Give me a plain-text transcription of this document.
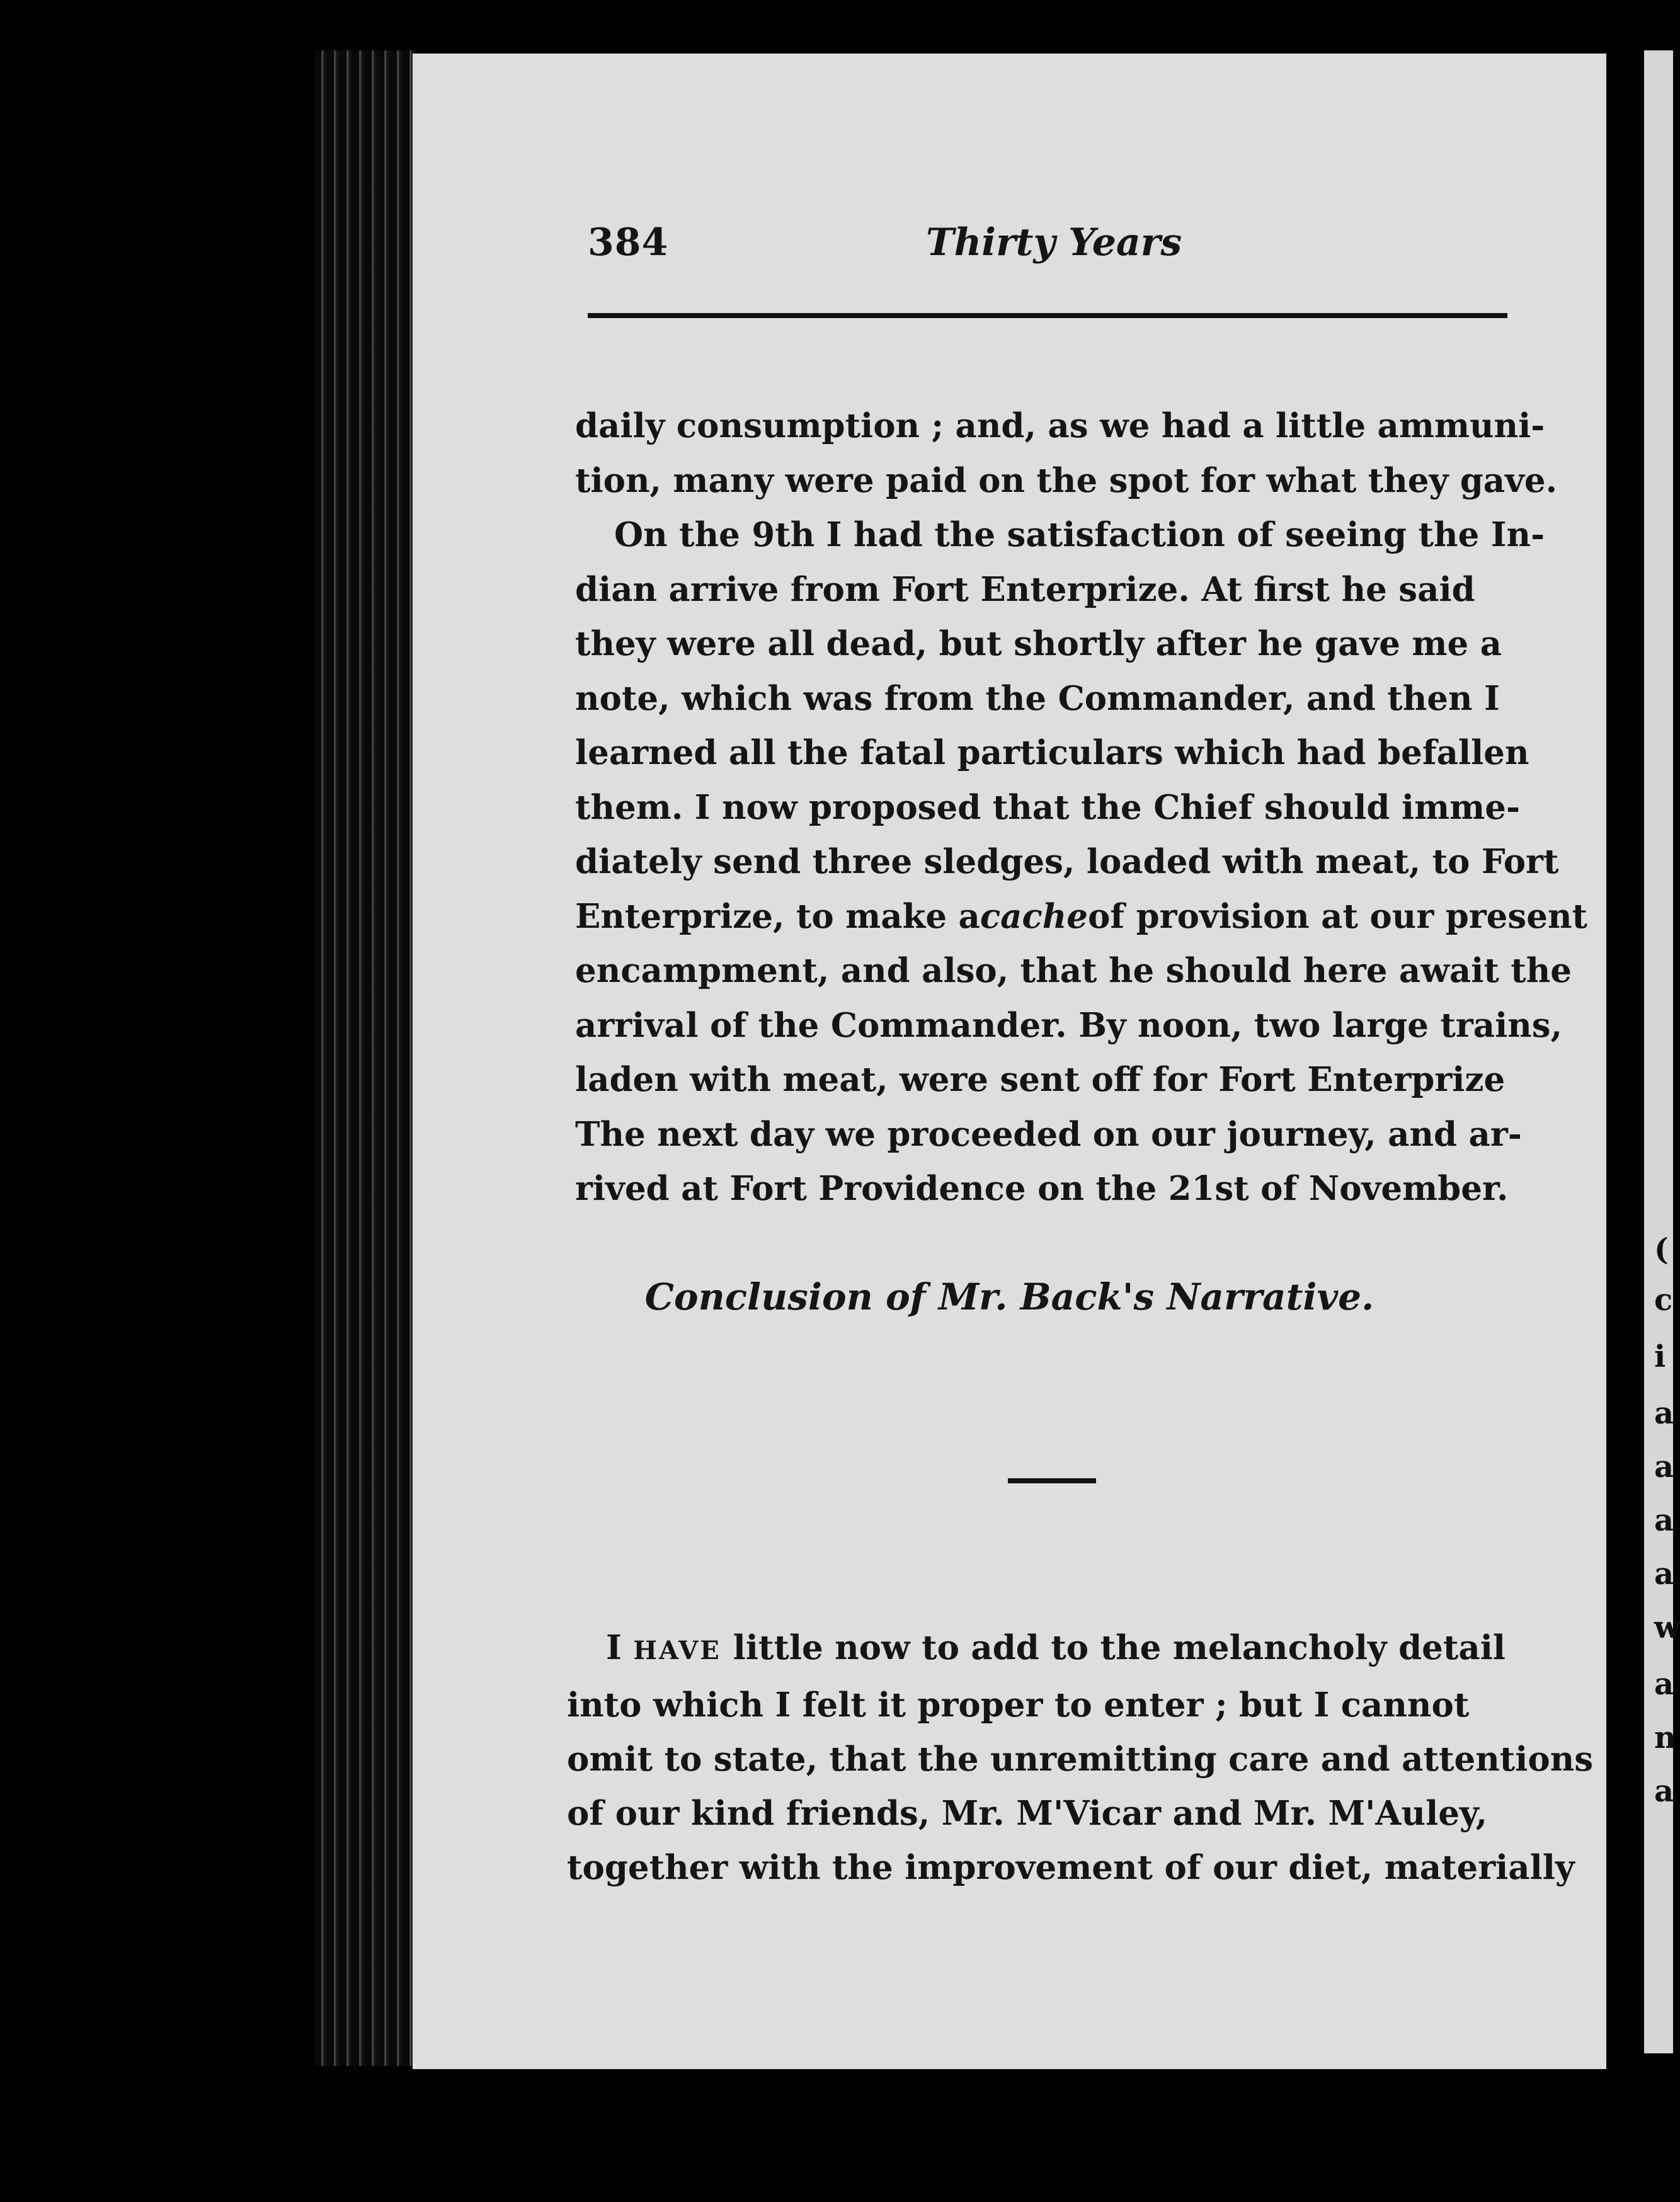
384	Thirty Years
daily consumption ; and, as we had a little ammuni-
tion, many were paid on the spot for what they gave.
On the 9th I had the satisfaction of seeing the In-
dian arrive from Fort Enterprize. At first he said
they were all dead, but shortly after he gave me a
note, which was from the Commander, and then I
learned all the fatal particulars which had befallen
them. I now proposed that the Chief should imme-
diately send three sledges, loaded with meat, to Fort
Enterprize, to make a cache of provision at our present
encampment, and also, that he should here await the
arrival of the Commander. By noon, two large trains,
laden with meat, were sent off for Fort Enterprize
The next day we proceeded on our journey, and ar-
rived at Fort Providence on the 21st of November.
Conclusion of Mr. Back's Narrative.
I HAVE little now to add to the melancholy detail
into which I felt it proper to enter ; but I cannot
omit to state, that the unremitting care and attentions
of our kind friends, Mr. M'Vicar and Mr. M'Auley,
together with the improvement of our diet, materially
(
c
i
a
a
a
a
w
a
n
a
